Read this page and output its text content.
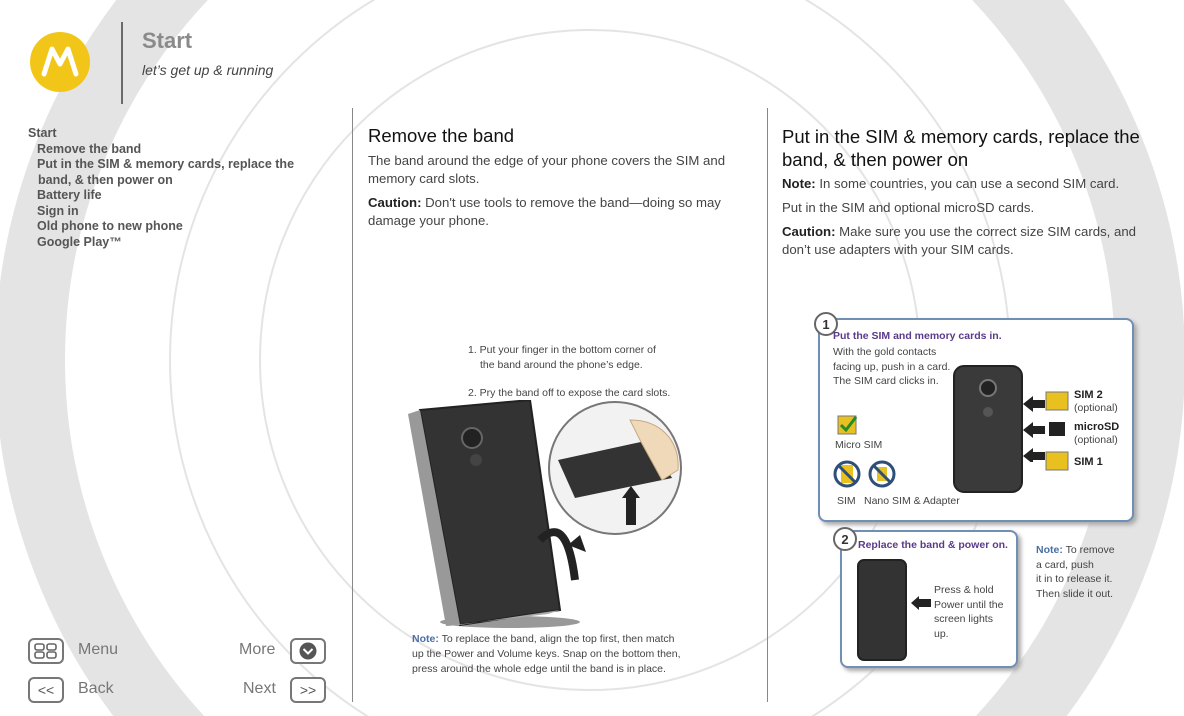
Start
let’s get up & running
Start
Remove the band
Put in the SIM & memory cards, replace the
band, & then power on
Battery life
Sign in
Old phone to new phone
Google Play™
Menu	More
<< Back	Next >>
Remove the band

The band around the edge of your phone covers the SIM and memory card slots.

Caution: Don't use tools to remove the band—doing so may damage your phone.

1. Put your finger in the bottom corner of
the band around the phone’s edge.
2. Pry the band off to expose the card slots.
Note: To replace the band, align the top first, then match
up the Power and Volume keys. Snap on the bottom then,
press around the whole edge until the band is in place.
Put in the SIM & memory cards, replace the
band, & then power on

Note: In some countries, you can use a second SIM card.

Put in the SIM and optional microSD cards.

Caution: Make sure you use the correct size SIM cards, and don’t use adapters with your SIM cards.

1
Put the SIM and memory cards in.
With the gold contacts
facing up, push in a card.
The SIM card clicks in.
Micro SIM
SIM Nano SIM & Adapter
SIM 2
(optional)
microSD
(optional)
SIM 1
2 Replace the band & power on.
Press & hold
Power until the
screen lights
up.
Note: To remove
a card, push
it in to release it.
Then slide it out.
